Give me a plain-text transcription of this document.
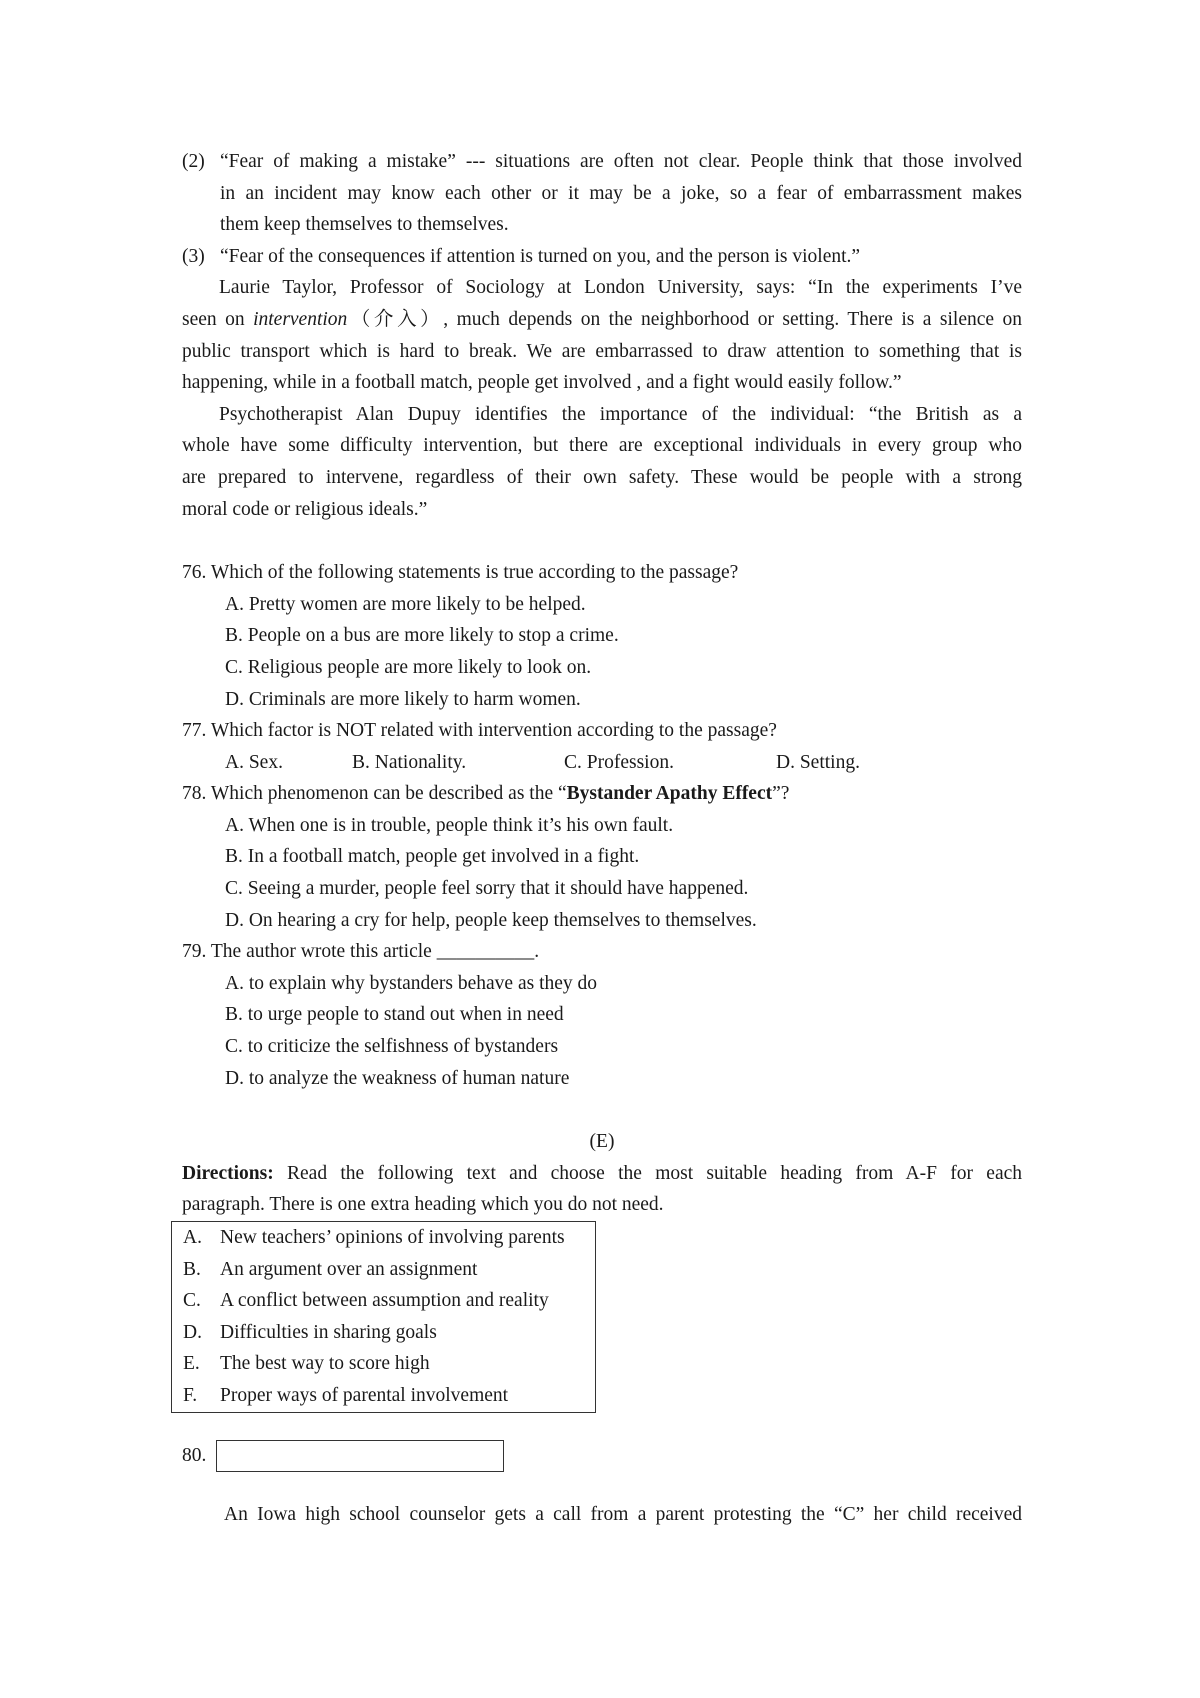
(2) “Fear of making a mistake” --- situations are often not clear. People think that those involved
in an incident may know each other or it may be a joke, so a fear of embarrassment makes
them keep themselves to themselves.
(3) “Fear of the consequences if attention is turned on you, and the person is violent.”
Laurie Taylor, Professor of Sociology at London University, says: “In the experiments I’ve
seen on intervention（介入）, much depends on the neighborhood or setting. There is a silence on
public transport which is hard to break. We are embarrassed to draw attention to something that is
happening, while in a football match, people get involved , and a fight would easily follow.”
Psychotherapist Alan Dupuy identifies the importance of the individual: “the British as a
whole have some difficulty intervention, but there are exceptional individuals in every group who
are prepared to intervene, regardless of their own safety. These would be people with a strong
moral code or religious ideals.”
76. Which of the following statements is true according to the passage?
A. Pretty women are more likely to be helped.
B. People on a bus are more likely to stop a crime.
C. Religious people are more likely to look on.
D. Criminals are more likely to harm women.
77. Which factor is NOT related with intervention according to the passage?
A. Sex.	B. Nationality.	C. Profession.	D. Setting.
78. Which phenomenon can be described as the “Bystander Apathy Effect”?
A. When one is in trouble, people think it’s his own fault.
B. In a football match, people get involved in a fight.
C. Seeing a murder, people feel sorry that it should have happened.
D. On hearing a cry for help, people keep themselves to themselves.
79. The author wrote this article __________.
A. to explain why bystanders behave as they do
B. to urge people to stand out when in need
C. to criticize the selfishness of bystanders
D. to analyze the weakness of human nature
(E)
Directions: Read the following text and choose the most suitable heading from A-F for each
paragraph. There is one extra heading which you do not need.
A. New teachers’ opinions of involving parents
B. An argument over an assignment
C. A conflict between assumption and reality
D. Difficulties in sharing goals
E.	The best way to score high
F.	Proper ways of parental involvement
80.
An Iowa high school counselor gets a call from a parent protesting the “C” her child received
